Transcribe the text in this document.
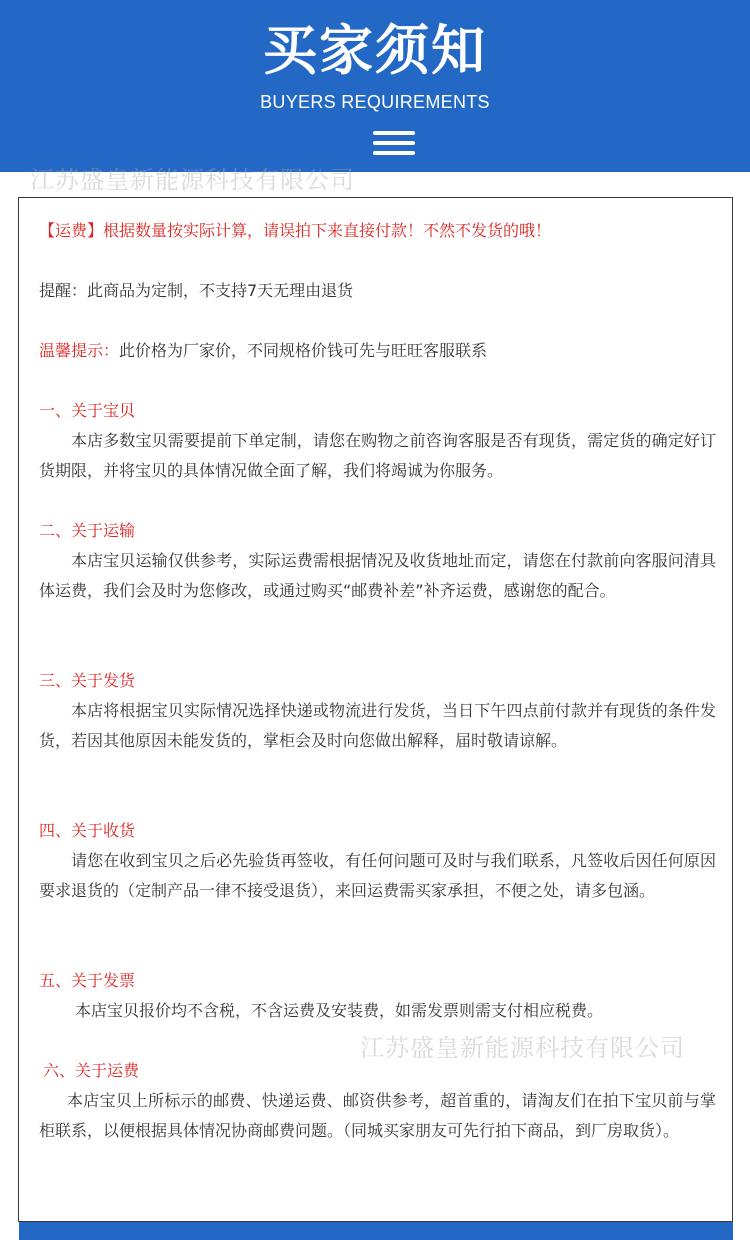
买家须知
BUYERS REQUIREMENTS

【运费】根据数量按实际计算，请误拍下来直接付款！不然不发货的哦！

提醒：此商品为定制，不支持7天无理由退货

温馨提示：此价格为厂家价，不同规格价钱可先与旺旺客服联系

一、关于宝贝

本店多数宝贝需要提前下单定制，请您在购物之前咨询客服是否有现货，需定货的确定好订货期限，并将宝贝的具体情况做全面了解，我们将竭诚为你服务。

二、关于运输

本店宝贝运输仅供参考，实际运费需根据情况及收货地址而定，请您在付款前向客服问清具体运费，我们会及时为您修改，或通过购买“邮费补差”补齐运费，感谢您的配合。

三、关于发货

本店将根据宝贝实际情况选择快递或物流进行发货，当日下午四点前付款并有现货的条件发货，若因其他原因未能发货的，掌柜会及时向您做出解释，届时敬请谅解。

四、关于收货

请您在收到宝贝之后必先验货再签收，有任何问题可及时与我们联系，凡签收后因任何原因要求退货的（定制产品一律不接受退货），来回运费需买家承担，不便之处，请多包涵。

五、关于发票

本店宝贝报价均不含税，不含运费及安装费，如需发票则需支付相应税费。

六、关于运费

本店宝贝上所标示的邮费、快递运费、邮资供参考，超首重的，请淘友们在拍下宝贝前与掌柜联系，以便根据具体情况协商邮费问题。（同城买家朋友可先行拍下商品，到厂房取货）。

江苏盛皇新能源科技有限公司
江苏盛皇新能源科技有限公司
